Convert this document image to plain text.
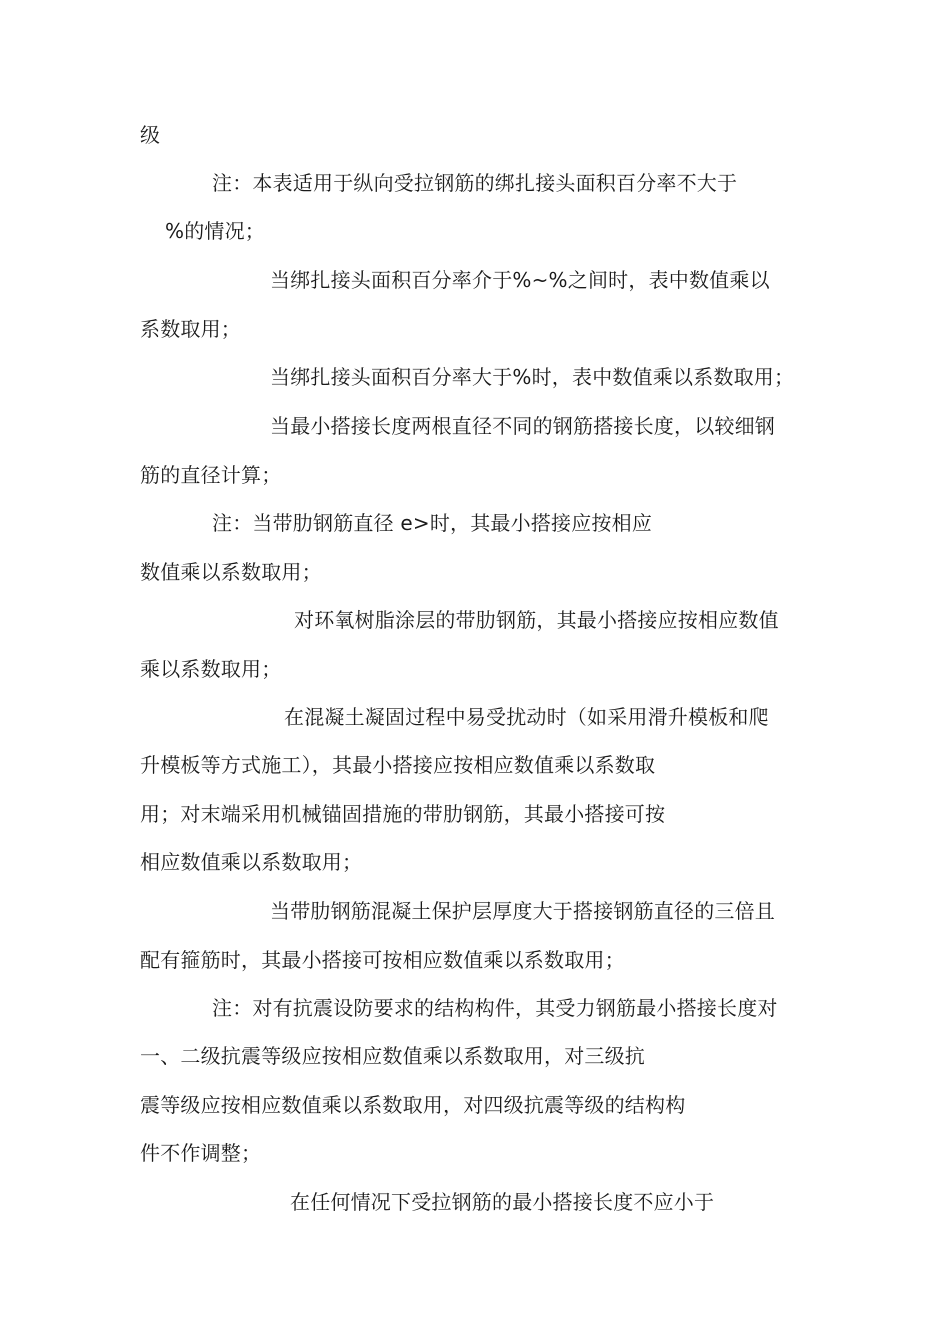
级
注：本表适用于纵向受拉钢筋的绑扎接头面积百分率不大于
%的情况；
当绑扎接头面积百分率介于%~%之间时，表中数值乘以
系数取用；
当绑扎接头面积百分率大于%时，表中数值乘以系数取用；
当最小搭接长度两根直径不同的钢筋搭接长度，以较细钢
筋的直径计算；
注：当带肋钢筋直径 e>时，其最小搭接应按相应
数值乘以系数取用；
对环氧树脂涂层的带肋钢筋，其最小搭接应按相应数值
乘以系数取用；
在混凝土凝固过程中易受扰动时（如采用滑升模板和爬
升模板等方式施工），其最小搭接应按相应数值乘以系数取
用；对末端采用机械锚固措施的带肋钢筋，其最小搭接可按
相应数值乘以系数取用；
当带肋钢筋混凝土保护层厚度大于搭接钢筋直径的三倍且
配有箍筋时，其最小搭接可按相应数值乘以系数取用；
注：对有抗震设防要求的结构构件，其受力钢筋最小搭接长度对
一、二级抗震等级应按相应数值乘以系数取用，对三级抗
震等级应按相应数值乘以系数取用，对四级抗震等级的结构构
件不作调整；
在任何情况下受拉钢筋的最小搭接长度不应小于
